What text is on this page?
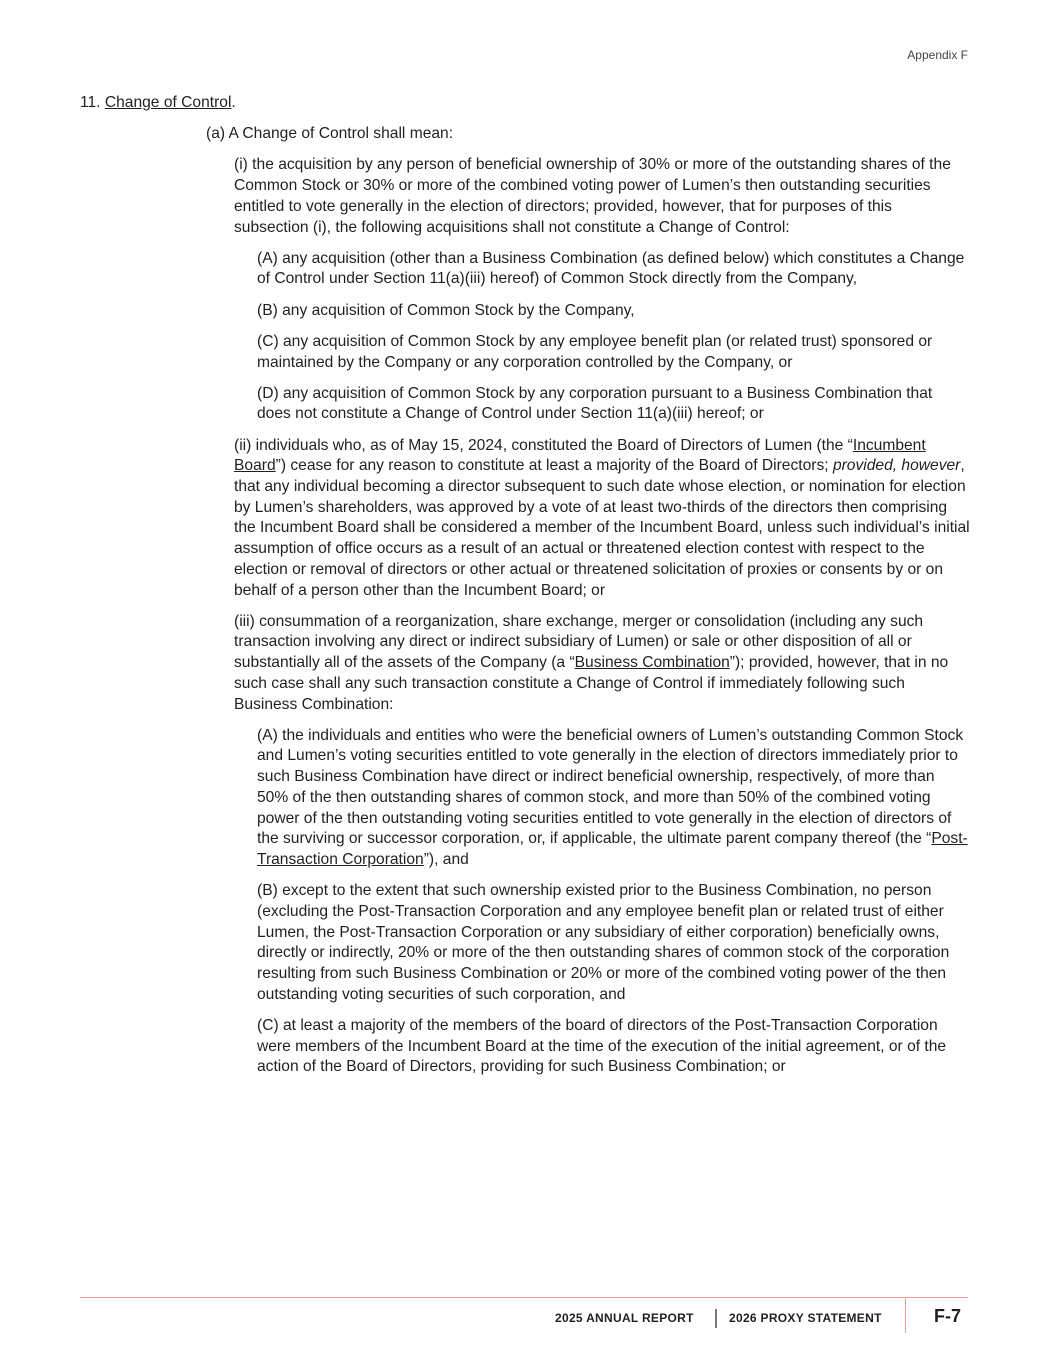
Appendix F

11. Change of Control.

(a) A Change of Control shall mean:

(i) the acquisition by any person of beneficial ownership of 30% or more of the outstanding shares of the Common Stock or 30% or more of the combined voting power of Lumen’s then outstanding securities entitled to vote generally in the election of directors; provided, however, that for purposes of this subsection (i), the following acquisitions shall not constitute a Change of Control:

(A) any acquisition (other than a Business Combination (as defined below) which constitutes a Change of Control under Section 11(a)(iii) hereof) of Common Stock directly from the Company,

(B) any acquisition of Common Stock by the Company,

(C) any acquisition of Common Stock by any employee benefit plan (or related trust) sponsored or maintained by the Company or any corporation controlled by the Company, or

(D) any acquisition of Common Stock by any corporation pursuant to a Business Combination that does not constitute a Change of Control under Section 11(a)(iii) hereof; or

(ii) individuals who, as of May 15, 2024, constituted the Board of Directors of Lumen (the “Incumbent Board”) cease for any reason to constitute at least a majority of the Board of Directors; provided, however, that any individual becoming a director subsequent to such date whose election, or nomination for election by Lumen’s shareholders, was approved by a vote of at least two-thirds of the directors then comprising the Incumbent Board shall be considered a member of the Incumbent Board, unless such individual’s initial assumption of office occurs as a result of an actual or threatened election contest with respect to the election or removal of directors or other actual or threatened solicitation of proxies or consents by or on behalf of a person other than the Incumbent Board; or

(iii) consummation of a reorganization, share exchange, merger or consolidation (including any such transaction involving any direct or indirect subsidiary of Lumen) or sale or other disposition of all or substantially all of the assets of the Company (a “Business Combination”); provided, however, that in no such case shall any such transaction constitute a Change of Control if immediately following such Business Combination:

(A) the individuals and entities who were the beneficial owners of Lumen’s outstanding Common Stock and Lumen’s voting securities entitled to vote generally in the election of directors immediately prior to such Business Combination have direct or indirect beneficial ownership, respectively, of more than 50% of the then outstanding shares of common stock, and more than 50% of the combined voting power of the then outstanding voting securities entitled to vote generally in the election of directors of the surviving or successor corporation, or, if applicable, the ultimate parent company thereof (the “Post-Transaction Corporation”), and

(B) except to the extent that such ownership existed prior to the Business Combination, no person (excluding the Post-Transaction Corporation and any employee benefit plan or related trust of either Lumen, the Post-Transaction Corporation or any subsidiary of either corporation) beneficially owns, directly or indirectly, 20% or more of the then outstanding shares of common stock of the corporation resulting from such Business Combination or 20% or more of the combined voting power of the then outstanding voting securities of such corporation, and

(C) at least a majority of the members of the board of directors of the Post-Transaction Corporation were members of the Incumbent Board at the time of the execution of the initial agreement, or of the action of the Board of Directors, providing for such Business Combination; or

2025 ANNUAL REPORT	2026 PROXY STATEMENT	F-7
